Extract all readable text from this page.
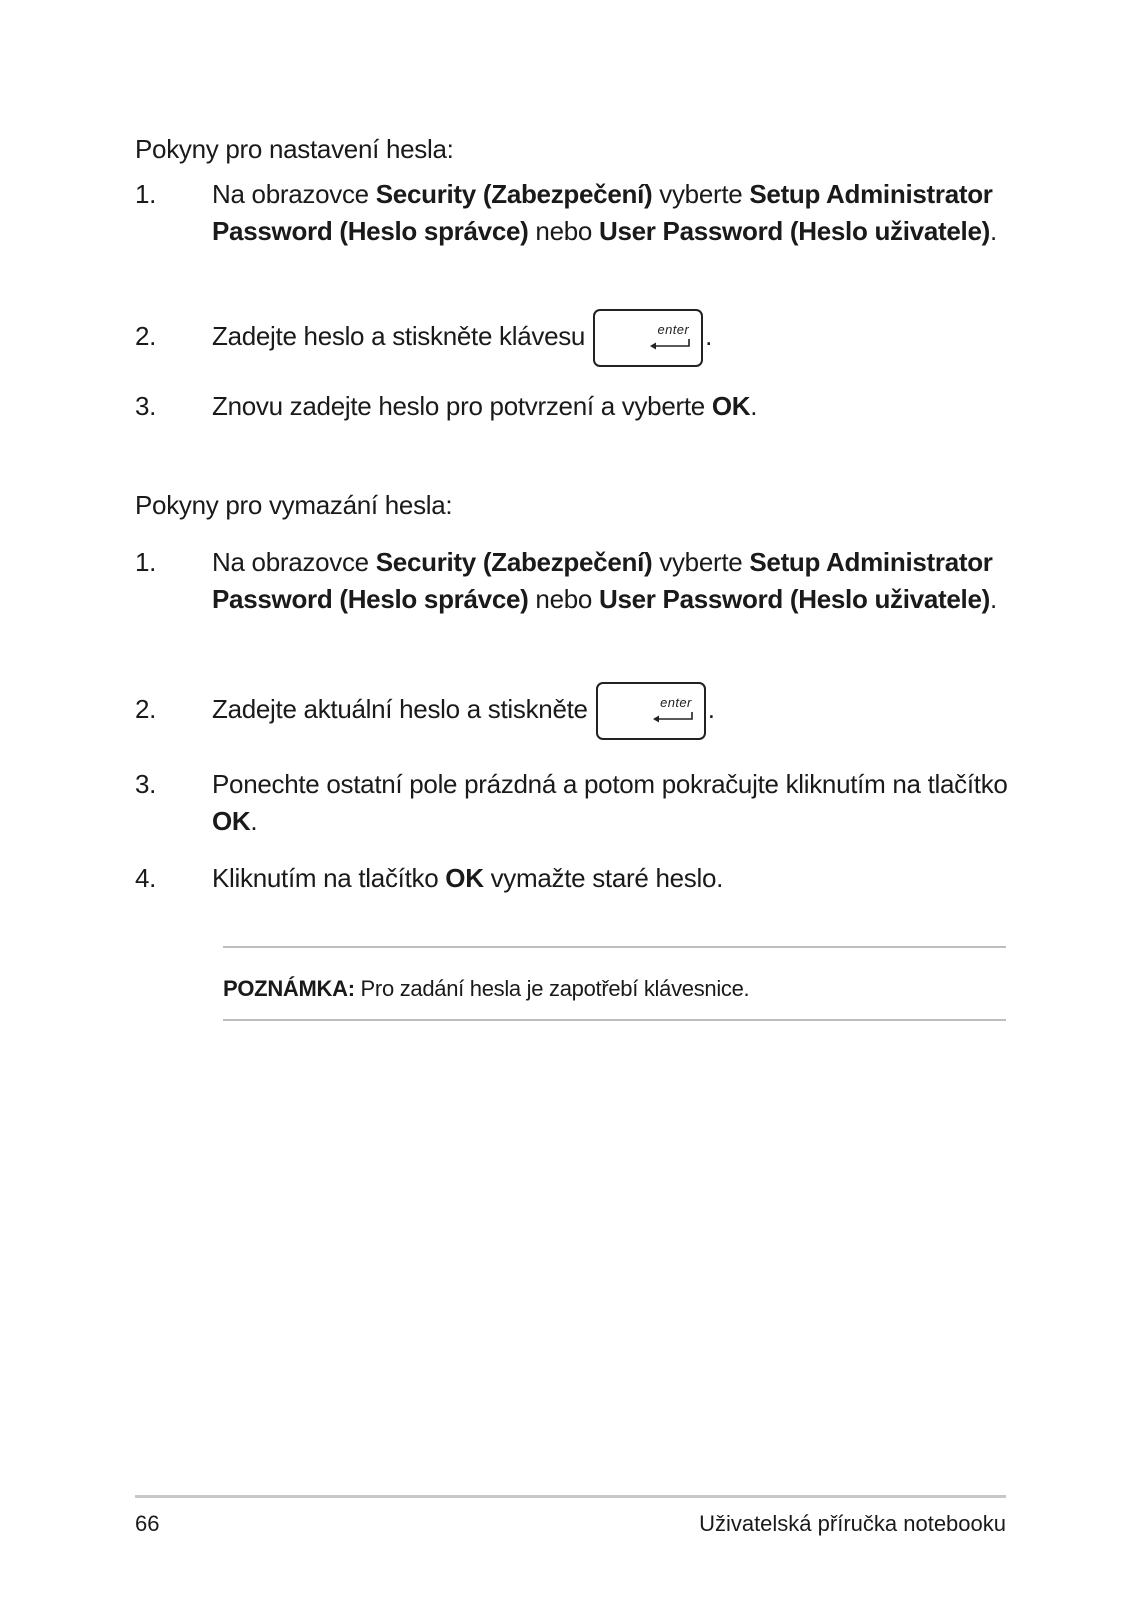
Pokyny pro nastavení hesla:
1.	Na obrazovce Security (Zabezpečení) vyberte Setup Administrator Password (Heslo správce) nebo User Password (Heslo uživatele).
2.	Zadejte heslo a stiskněte klávesu	enter .
3.	Znovu zadejte heslo pro potvrzení a vyberte OK.
Pokyny pro vymazání hesla:
1.	Na obrazovce Security (Zabezpečení) vyberte Setup Administrator Password (Heslo správce) nebo User Password (Heslo uživatele).
2.	Zadejte aktuální heslo a stiskněte	enter .
3.	Ponechte ostatní pole prázdná a potom pokračujte kliknutím na tlačítko OK.
4.	Kliknutím na tlačítko OK vymažte staré heslo.
POZNÁMKA: Pro zadání hesla je zapotřebí klávesnice.
66	Uživatelská příručka notebooku
